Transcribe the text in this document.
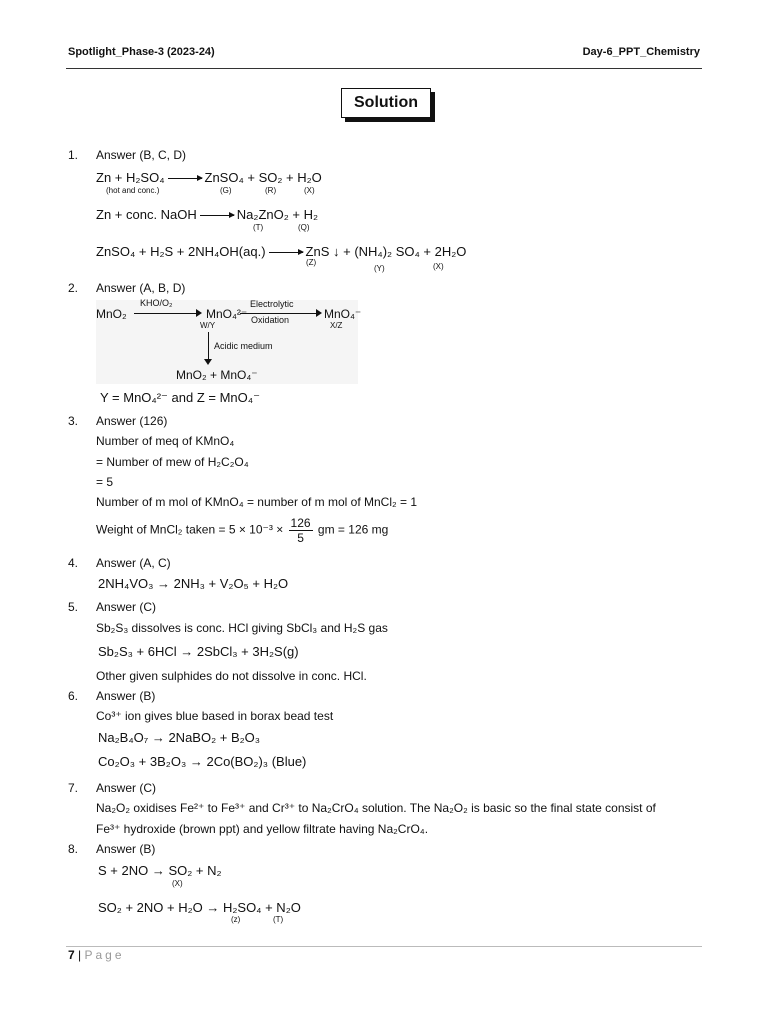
Spotlight_Phase-3 (2023-24)	Day-6_PPT_Chemistry
Solution
1. Answer (B, C, D)
Zn + H₂SO₄	ZnSO₄ + SO₂ + H₂O
(hot and conc.)	(G)	(R)	(X)
Zn + conc. NaOH	Na₂ZnO₂ + H₂
(T)	(Q)
ZnSO₄ + H₂S + 2NH₄OH(aq.)	ZnS ↓ + (NH₄)₂ SO₄ + 2H₂O
(Z)
(Y)	(X)
2. Answer (A, B, D)
MnO₂
KHO/O₂
MnO₄²⁻
W/Y
Electrolytic
Oxidation	MnO₄⁻
X/Z
Acidic medium
MnO₂ + MnO₄⁻
Y = MnO₄²⁻ and Z = MnO₄⁻
3. Answer (126)
Number of meq of KMnO₄
= Number of mew of H₂C₂O₄
= 5
Number of m mol of KMnO₄ = number of m mol of MnCl₂ = 1
Weight of MnCl₂ taken = $5 \times 10^{-3} \times \frac{126}{5}$ gm = 126 mg
4. Answer (A, C)
2NH₄VO₃ → 2NH₃ + V₂O₅ + H₂O
5. Answer (C)
Sb₂S₃ dissolves is conc. HCl giving SbCl₃ and H₂S gas
Sb₂S₃ + 6HCl → 2SbCl₃ + 3H₂S(g)
Other given sulphides do not dissolve in conc. HCl.
6. Answer (B)
Co³⁺ ion gives blue based in borax bead test
Na₂B₄O₇ → 2NaBO₂ + B₂O₃
Co₂O₃ + 3B₂O₃ → 2Co(BO₂)₃ (Blue)
7. Answer (C)
Na₂O₂ oxidises Fe²⁺ to Fe³⁺ and Cr³⁺ to Na₂CrO₄ solution. The Na₂O₂ is basic so the final state consist of
Fe³⁺ hydroxide (brown ppt) and yellow filtrate having Na₂CrO₄.
8. Answer (B)
S + 2NO → SO₂ + N₂
(X)
SO₂ + 2NO + H₂O → H₂SO₄ + N₂O
(z)	(T)
7 | Page
